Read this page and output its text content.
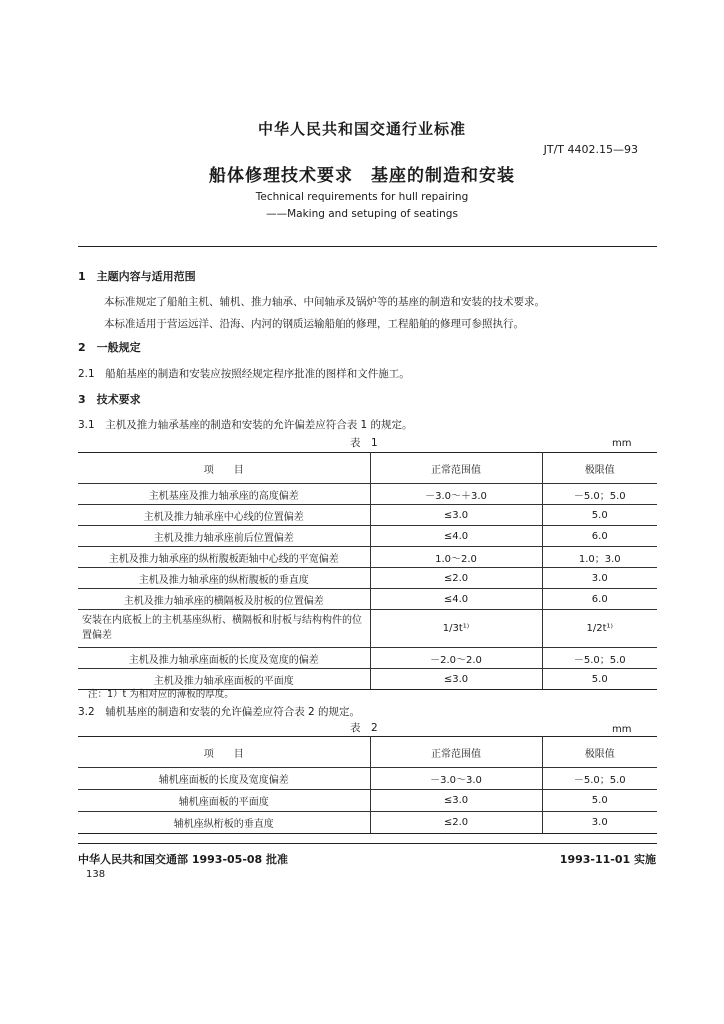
中华人民共和国交通行业标准
JT/T 4402.15—93
船体修理技术要求　基座的制造和安装
Technical requirements for hull repairing
——Making and setuping of seatings
1　主题内容与适用范围
本标准规定了船舶主机、辅机、推力轴承、中间轴承及锅炉等的基座的制造和安装的技术要求。
本标准适用于营运远洋、沿海、内河的钢质运输船舶的修理，工程船舶的修理可参照执行。
2　一般规定
2.1　船舶基座的制造和安装应按照经规定程序批准的图样和文件施工。
3　技术要求
3.1　主机及推力轴承基座的制造和安装的允许偏差应符合表 1 的规定。
表　1	mm
项　　目	正常范围值	极限值
主机基座及推力轴承座的高度偏差	－3.0～＋3.0	－5.0；5.0
主机及推力轴承座中心线的位置偏差	≤3.0	5.0
主机及推力轴承座前后位置偏差	≤4.0	6.0
主机及推力轴承座的纵桁腹板距轴中心线的平宽偏差	1.0～2.0	1.0；3.0
主机及推力轴承座的纵桁腹板的垂直度	≤2.0	3.0
主机及推力轴承座的横隔板及肘板的位置偏差	≤4.0	6.0
安装在内底板上的主机基座纵桁、横隔板和肘板与结构构件的位置偏差	1/3t¹⁾	1/2t¹⁾
主机及推力轴承座面板的长度及宽度的偏差	－2.0～2.0	－5.0；5.0
主机及推力轴承座面板的平面度	≤3.0	5.0
注：1）t 为相对应的薄板的厚度。
3.2　辅机基座的制造和安装的允许偏差应符合表 2 的规定。
表　2	mm
项　　目	正常范围值	极限值
辅机座面板的长度及宽度偏差	－3.0～3.0	－5.0；5.0
辅机座面板的平面度	≤3.0	5.0
辅机座纵桁板的垂直度	≤2.0	3.0
中华人民共和国交通部 1993-05-08 批准	1993-11-01 实施
138
